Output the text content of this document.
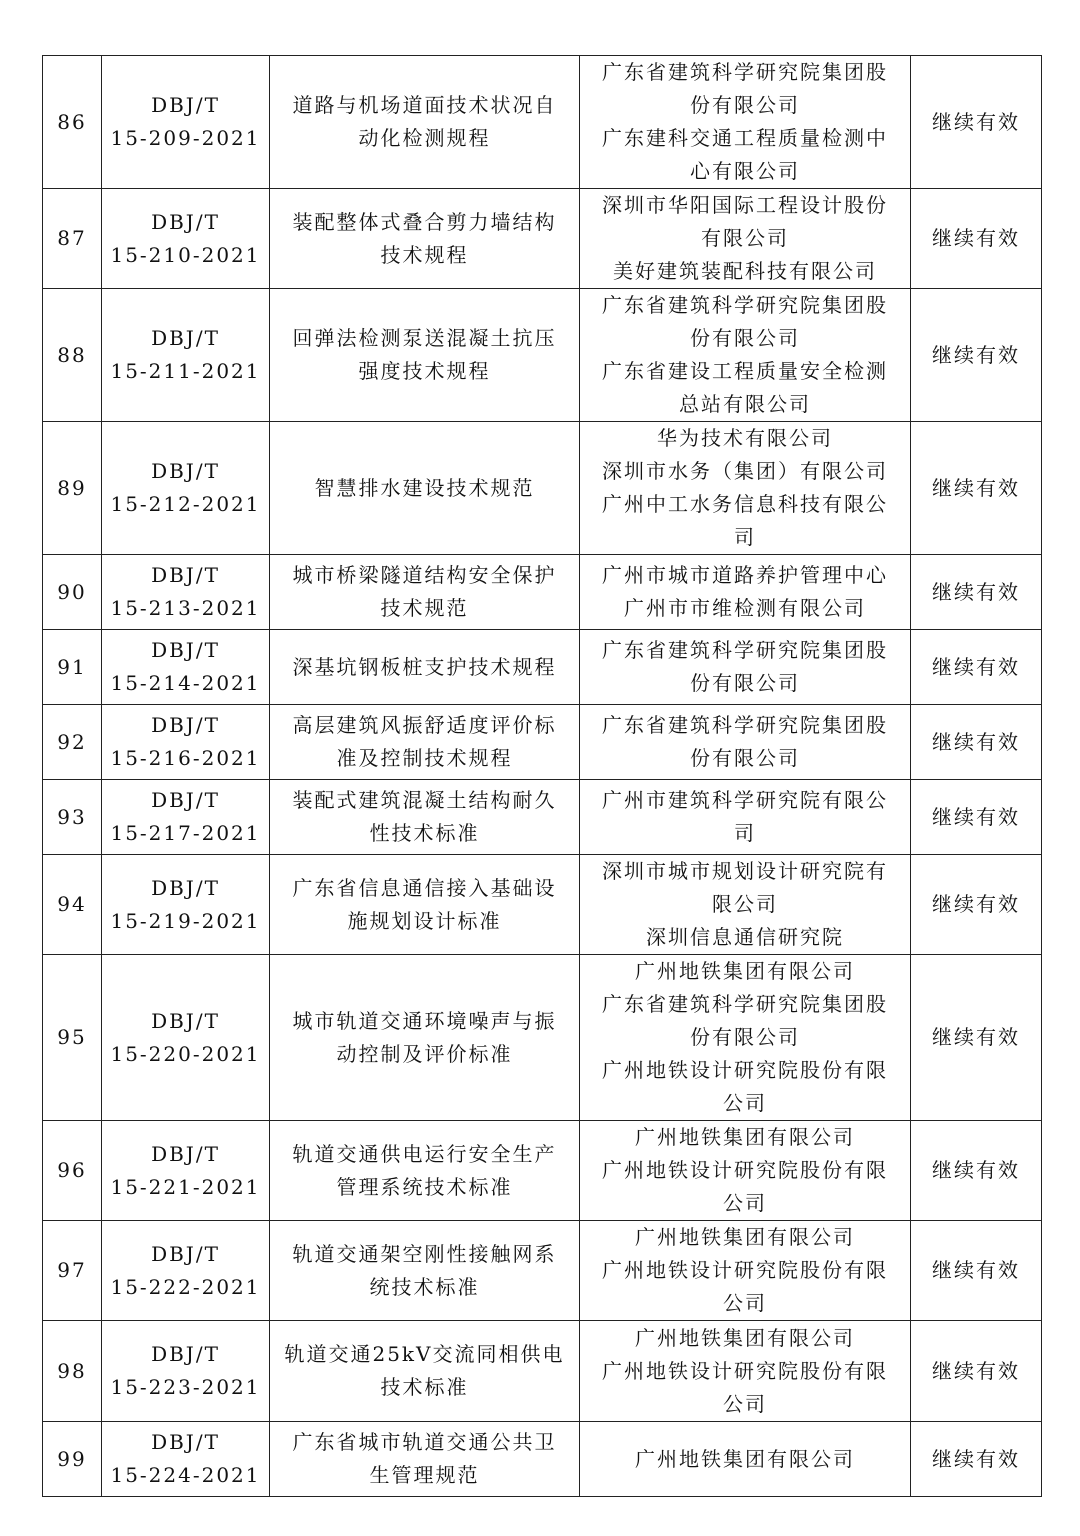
86	DBJ/T
15-209-2021	道路与机场道面技术状况自
动化检测规程	广东省建筑科学研究院集团股
份有限公司
广东建科交通工程质量检测中
心有限公司	继续有效
87	DBJ/T
15-210-2021	装配整体式叠合剪力墙结构
技术规程	深圳市华阳国际工程设计股份
有限公司
美好建筑装配科技有限公司	继续有效
88	DBJ/T
15-211-2021	回弹法检测泵送混凝土抗压
强度技术规程	广东省建筑科学研究院集团股
份有限公司
广东省建设工程质量安全检测
总站有限公司	继续有效
89	DBJ/T
15-212-2021	智慧排水建设技术规范	华为技术有限公司
深圳市水务（集团）有限公司
广州中工水务信息科技有限公
司	继续有效
90	DBJ/T
15-213-2021	城市桥梁隧道结构安全保护
技术规范	广州市城市道路养护管理中心
广州市市维检测有限公司	继续有效
91	DBJ/T
15-214-2021	深基坑钢板桩支护技术规程	广东省建筑科学研究院集团股
份有限公司	继续有效
92	DBJ/T
15-216-2021	高层建筑风振舒适度评价标
准及控制技术规程	广东省建筑科学研究院集团股
份有限公司	继续有效
93	DBJ/T
15-217-2021	装配式建筑混凝土结构耐久
性技术标准	广州市建筑科学研究院有限公
司	继续有效
94	DBJ/T
15-219-2021	广东省信息通信接入基础设
施规划设计标准	深圳市城市规划设计研究院有
限公司
深圳信息通信研究院	继续有效
95	DBJ/T
15-220-2021	城市轨道交通环境噪声与振
动控制及评价标准	广州地铁集团有限公司
广东省建筑科学研究院集团股
份有限公司
广州地铁设计研究院股份有限
公司	继续有效
96	DBJ/T
15-221-2021	轨道交通供电运行安全生产
管理系统技术标准	广州地铁集团有限公司
广州地铁设计研究院股份有限
公司	继续有效
97	DBJ/T
15-222-2021	轨道交通架空刚性接触网系
统技术标准	广州地铁集团有限公司
广州地铁设计研究院股份有限
公司	继续有效
98	DBJ/T
15-223-2021	轨道交通25kV交流同相供电
技术标准	广州地铁集团有限公司
广州地铁设计研究院股份有限
公司	继续有效
99	DBJ/T
15-224-2021	广东省城市轨道交通公共卫
生管理规范	广州地铁集团有限公司	继续有效
